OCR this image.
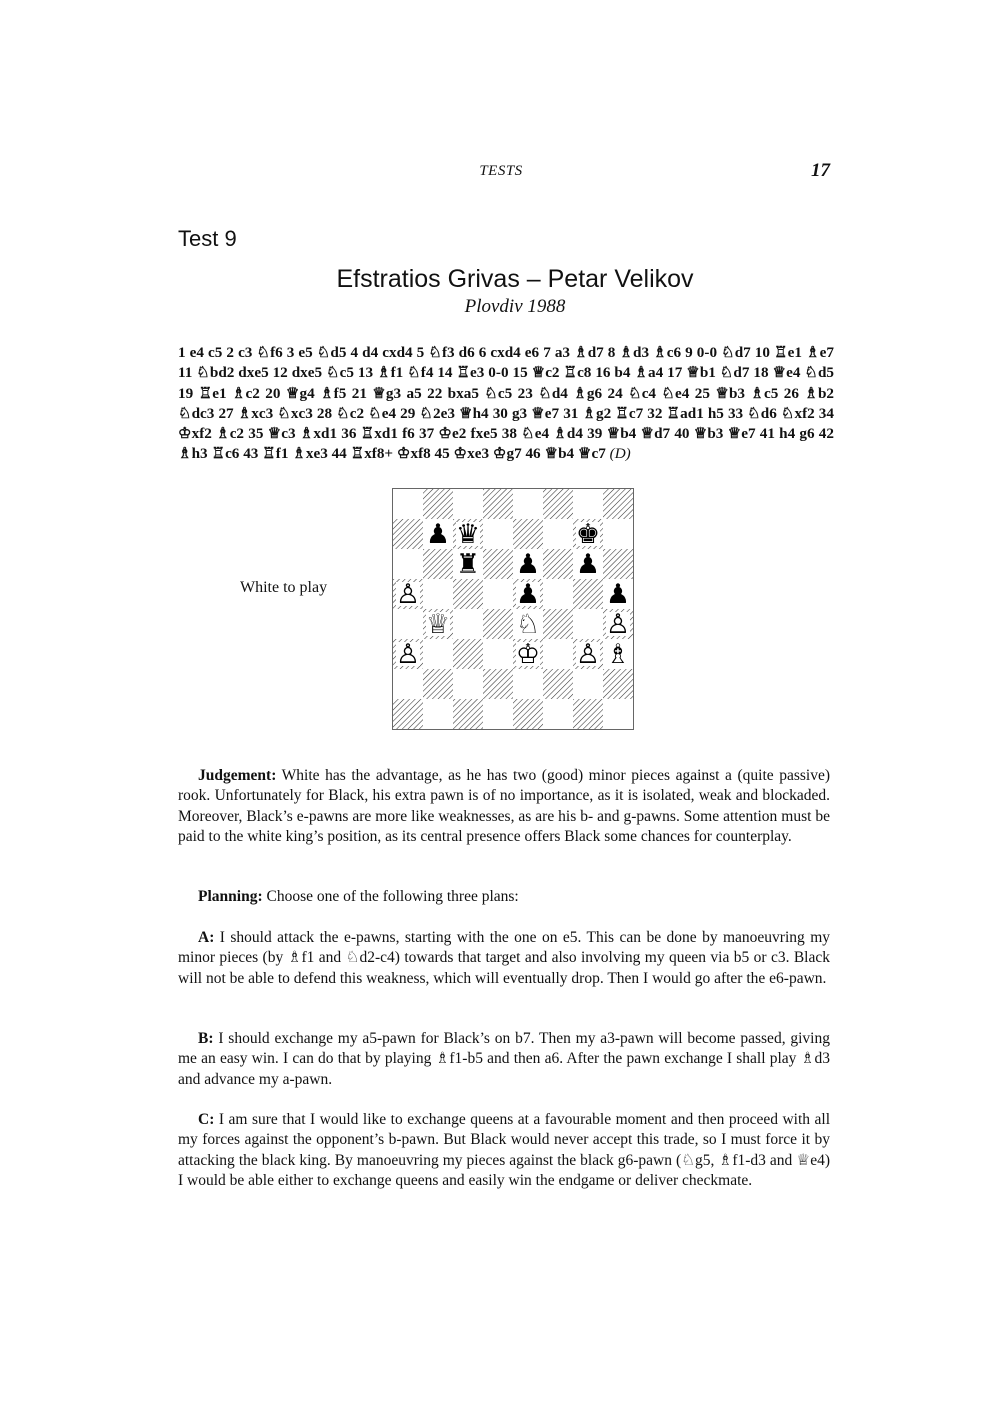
TESTS	17
Test 9
Efstratios Grivas – Petar Velikov
Plovdiv 1988

1 e4 c5 2 c3 ♘f6 3 e5 ♘d5 4 d4 cxd4 5 ♘f3 d6 6 cxd4 e6 7 a3 ♗d7 8 ♗d3 ♗c6 9 0-0 ♘d7 10 ♖e1 ♗e7 11 ♘bd2 dxe5 12 dxe5 ♘c5 13 ♗f1 ♘f4 14 ♖e3 0-0 15 ♕c2 ♖c8 16 b4 ♗a4 17 ♕b1 ♘d7 18 ♕e4 ♘d5 19 ♖e1 ♗c2 20 ♕g4 ♗f5 21 ♕g3 a5 22 bxa5 ♘c5 23 ♘d4 ♗g6 24 ♘c4 ♘e4 25 ♕b3 ♗c5 26 ♗b2 ♘dc3 27 ♗xc3 ♘xc3 28 ♘c2 ♘e4 29 ♘2e3 ♕h4 30 g3 ♕e7 31 ♗g2 ♖c7 32 ♖ad1 h5 33 ♘d6 ♘xf2 34 ♔xf2 ♗c2 35 ♕c3 ♗xd1 36 ♖xd1 f6 37 ♔e2 fxe5 38 ♘e4 ♗d4 39 ♕b4 ♕d7 40 ♕b3 ♕e7 41 h4 g6 42 ♗h3 ♖c6 43 ♖f1 ♗xe3 44 ♖xf8+ ♔xf8 45 ♔xe3 ♔g7 46 ♕b4 ♕c7 (D)

White to play
♟ ♛	♚
♜ ♟ ♟
♙	♟ ♟
♕ ♘ ♙
♙	♔ ♙ ♗

Judgement: White has the advantage, as he has two (good) minor pieces against a (quite passive) rook. Unfortunately for Black, his extra pawn is of no importance, as it is isolated, weak and blockaded. Moreover, Black’s e-pawns are more like weaknesses, as are his b- and g-pawns. Some attention must be paid to the white king’s position, as its central presence offers Black some chances for counterplay.

Planning: Choose one of the following three plans:

A: I should attack the e-pawns, starting with the one on e5. This can be done by manoeuvring my minor pieces (by ♗f1 and ♘d2-c4) towards that target and also involving my queen via b5 or c3. Black will not be able to defend this weakness, which will eventually drop. Then I would go after the e6-pawn.

B: I should exchange my a5-pawn for Black’s on b7. Then my a3-pawn will become passed, giving me an easy win. I can do that by playing ♗f1-b5 and then a6. After the pawn exchange I shall play ♗d3 and advance my a-pawn.

C: I am sure that I would like to exchange queens at a favourable moment and then proceed with all my forces against the opponent’s b-pawn. But Black would never accept this trade, so I must force it by attacking the black king. By manoeuvring my pieces against the black g6-pawn (♘g5, ♗f1-d3 and ♕e4) I would be able either to exchange queens and easily win the endgame or deliver checkmate.
